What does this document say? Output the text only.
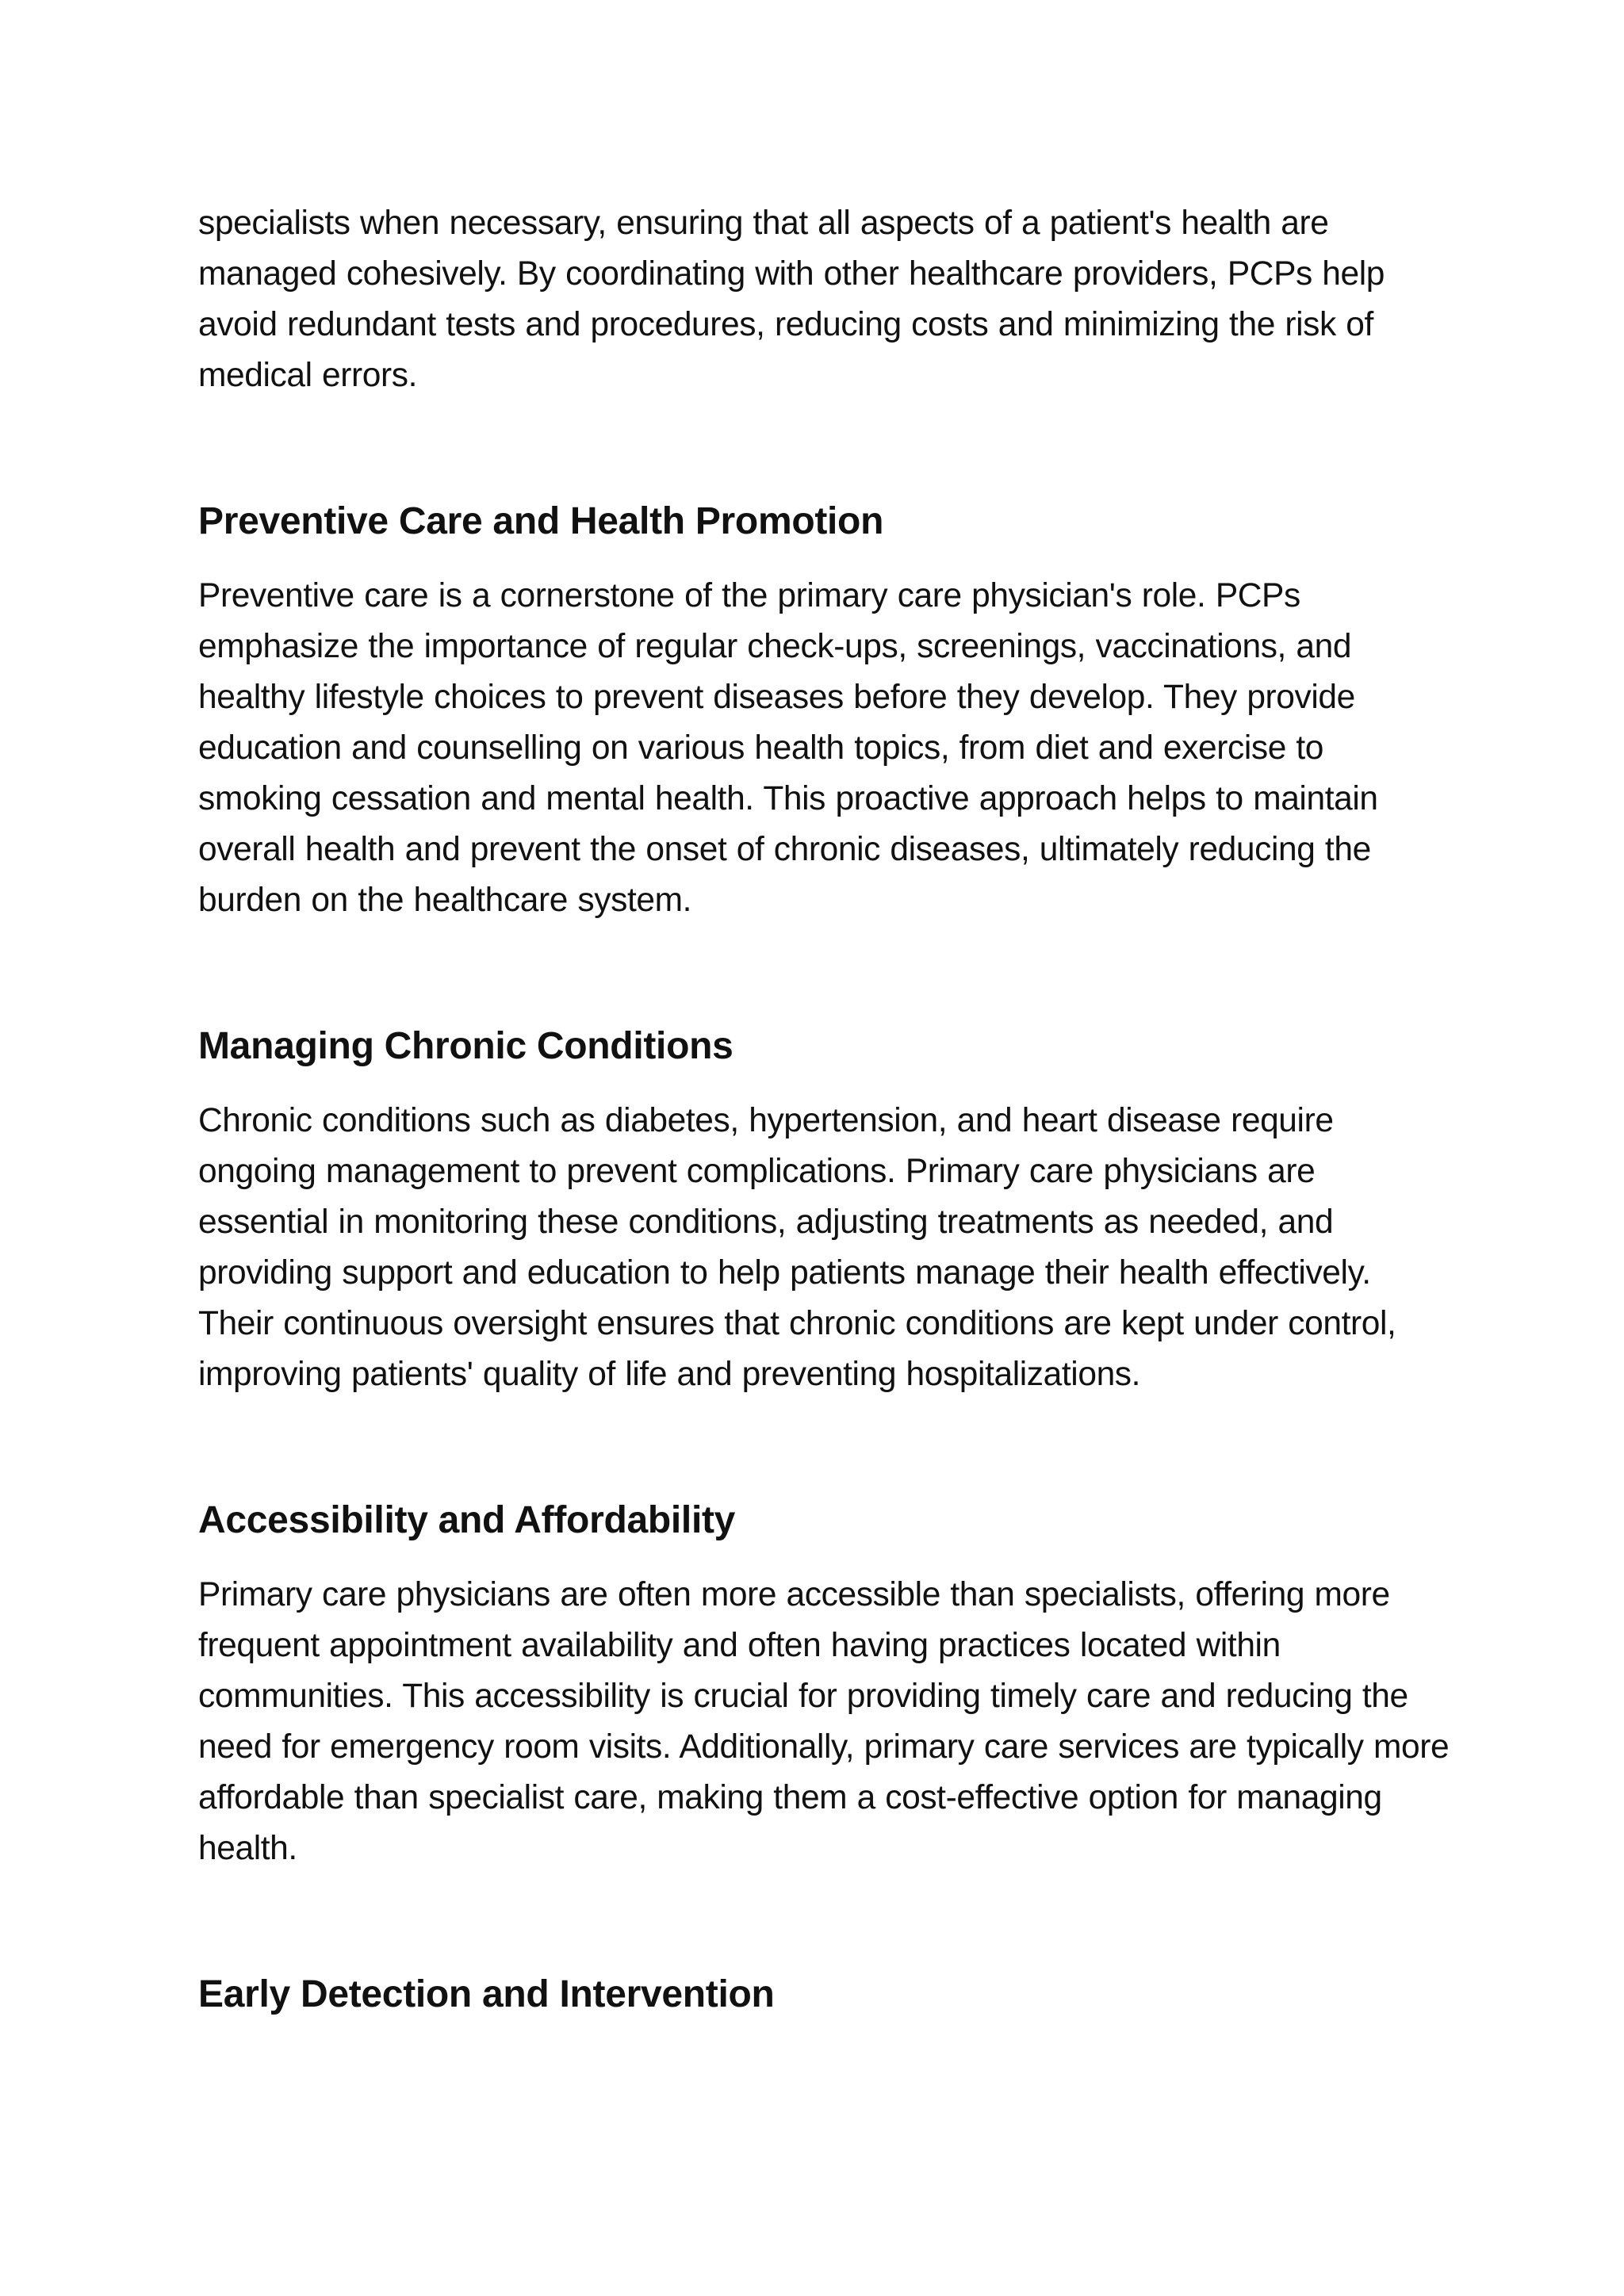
specialists when necessary, ensuring that all aspects of a patient's health are managed cohesively. By coordinating with other healthcare providers, PCPs help avoid redundant tests and procedures, reducing costs and minimizing the risk of medical errors.

Preventive Care and Health Promotion

Preventive care is a cornerstone of the primary care physician's role. PCPs emphasize the importance of regular check-ups, screenings, vaccinations, and healthy lifestyle choices to prevent diseases before they develop. They provide education and counselling on various health topics, from diet and exercise to smoking cessation and mental health. This proactive approach helps to maintain overall health and prevent the onset of chronic diseases, ultimately reducing the burden on the healthcare system.

Managing Chronic Conditions

Chronic conditions such as diabetes, hypertension, and heart disease require ongoing management to prevent complications. Primary care physicians are essential in monitoring these conditions, adjusting treatments as needed, and providing support and education to help patients manage their health effectively. Their continuous oversight ensures that chronic conditions are kept under control, improving patients' quality of life and preventing hospitalizations.

Accessibility and Affordability

Primary care physicians are often more accessible than specialists, offering more frequent appointment availability and often having practices located within communities. This accessibility is crucial for providing timely care and reducing the need for emergency room visits. Additionally, primary care services are typically more affordable than specialist care, making them a cost-effective option for managing health.

Early Detection and Intervention
